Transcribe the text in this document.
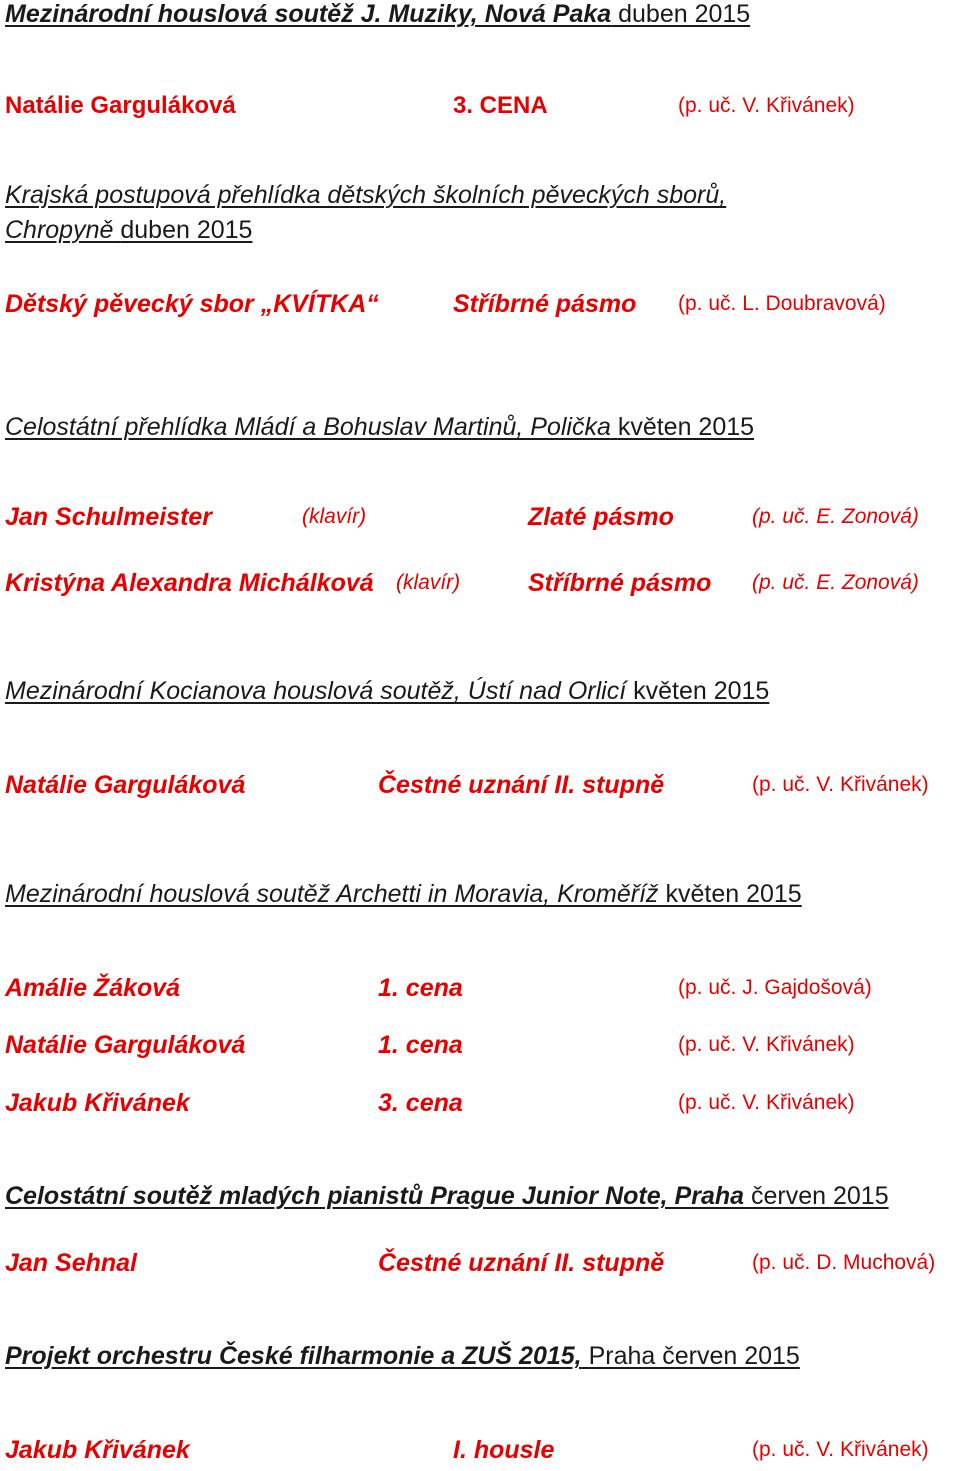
Mezinárodní houslová soutěž J. Muziky, Nová Paka duben 2015
Natálie Garguláková	3. CENA	(p. uč. V. Křivánek)
Krajská postupová přehlídka dětských školních pěveckých sborů,
Chropyně duben 2015
Dětský pěvecký sbor „KVÍTKA“	Stříbrné pásmo (p. uč. L. Doubravová)
Celostátní přehlídka Mládí a Bohuslav Martinů, Polička květen 2015
Jan Schulmeister	(klavír)	Zlaté pásmo	(p. uč. E. Zonová)
Kristýna Alexandra Michálková (klavír)	Stříbrné pásmo (p. uč. E. Zonová)
Mezinárodní Kocianova houslová soutěž, Ústí nad Orlicí květen 2015
Natálie Garguláková	Čestné uznání II. stupně	(p. uč. V. Křivánek)
Mezinárodní houslová soutěž Archetti in Moravia, Kroměříž květen 2015
Amálie Žáková	1. cena	(p. uč. J. Gajdošová)
Natálie Garguláková	1. cena	(p. uč. V. Křivánek)
Jakub Křivánek	3. cena	(p. uč. V. Křivánek)
Celostátní soutěž mladých pianistů Prague Junior Note, Praha červen 2015
Jan Sehnal	Čestné uznání II. stupně	(p. uč. D. Muchová)
Projekt orchestru České filharmonie a ZUŠ 2015, Praha červen 2015
Jakub Křivánek	I. housle	(p. uč. V. Křivánek)
